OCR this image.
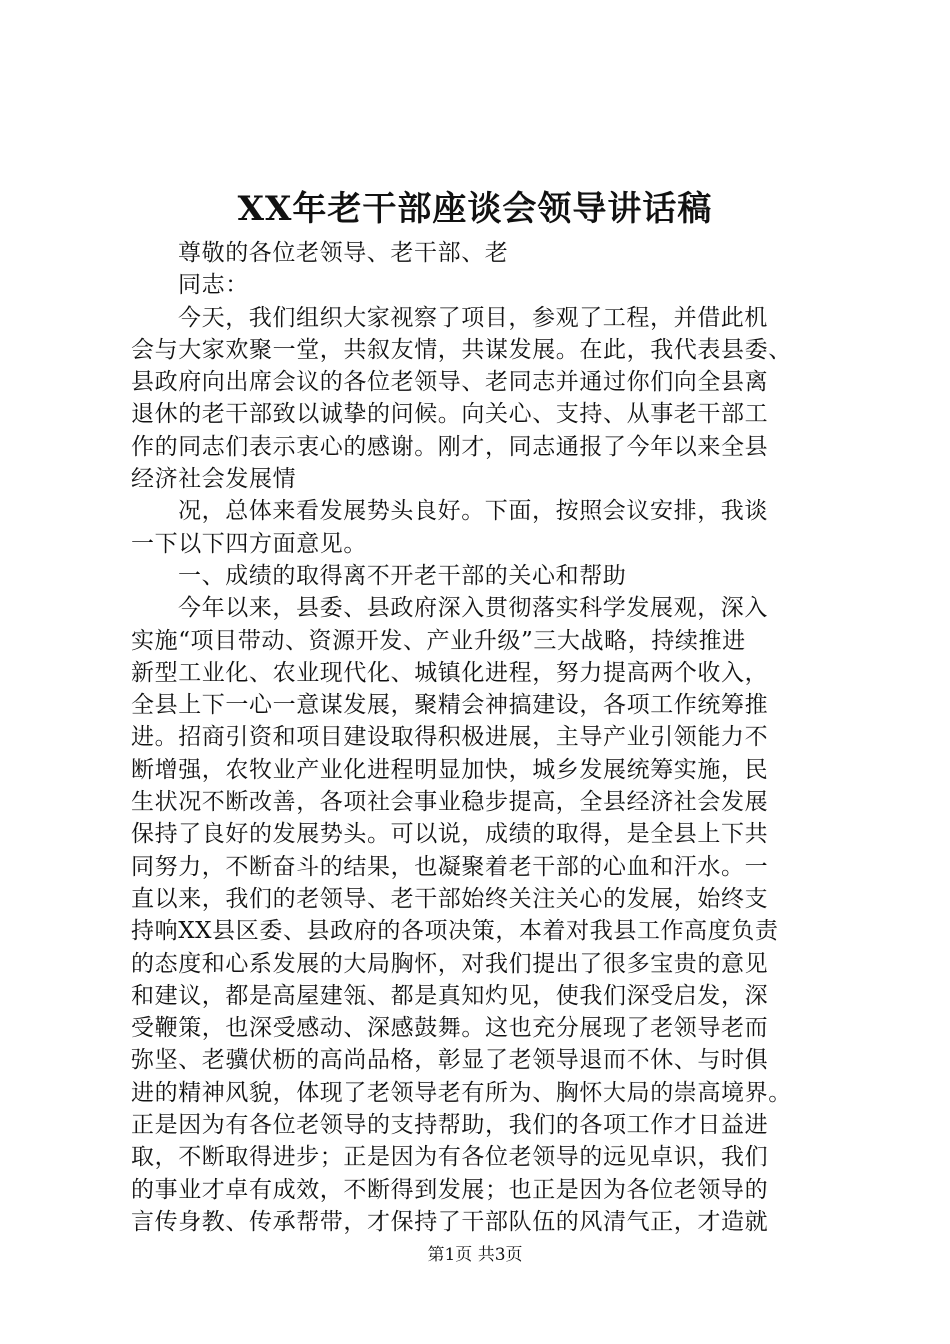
XX年老干部座谈会领导讲话稿
尊敬的各位老领导、老干部、老
同志：
今天，我们组织大家视察了项目，参观了工程，并借此机
会与大家欢聚一堂，共叙友情，共谋发展。在此，我代表县委、
县政府向出席会议的各位老领导、老同志并通过你们向全县离
退休的老干部致以诚挚的问候。向关心、支持、从事老干部工
作的同志们表示衷心的感谢。刚才，同志通报了今年以来全县
经济社会发展情
况，总体来看发展势头良好。下面，按照会议安排，我谈
一下以下四方面意见。
一、成绩的取得离不开老干部的关心和帮助
今年以来，县委、县政府深入贯彻落实科学发展观，深入
实施“项目带动、资源开发、产业升级”三大战略，持续推进
新型工业化、农业现代化、城镇化进程，努力提高两个收入，
全县上下一心一意谋发展，聚精会神搞建设，各项工作统筹推
进。招商引资和项目建设取得积极进展，主导产业引领能力不
断增强，农牧业产业化进程明显加快，城乡发展统筹实施，民
生状况不断改善，各项社会事业稳步提高，全县经济社会发展
保持了良好的发展势头。可以说，成绩的取得，是全县上下共
同努力，不断奋斗的结果，也凝聚着老干部的心血和汗水。一
直以来，我们的老领导、老干部始终关注关心的发展，始终支
持响XX县区委、县政府的各项决策，本着对我县工作高度负责
的态度和心系发展的大局胸怀，对我们提出了很多宝贵的意见
和建议，都是高屋建瓴、都是真知灼见，使我们深受启发，深
受鞭策，也深受感动、深感鼓舞。这也充分展现了老领导老而
弥坚、老骥伏枥的高尚品格，彰显了老领导退而不休、与时俱
进的精神风貌，体现了老领导老有所为、胸怀大局的崇高境界。
正是因为有各位老领导的支持帮助，我们的各项工作才日益进
取，不断取得进步；正是因为有各位老领导的远见卓识，我们
的事业才卓有成效，不断得到发展；也正是因为各位老领导的
言传身教、传承帮带，才保持了干部队伍的风清气正，才造就
第1页 共3页
